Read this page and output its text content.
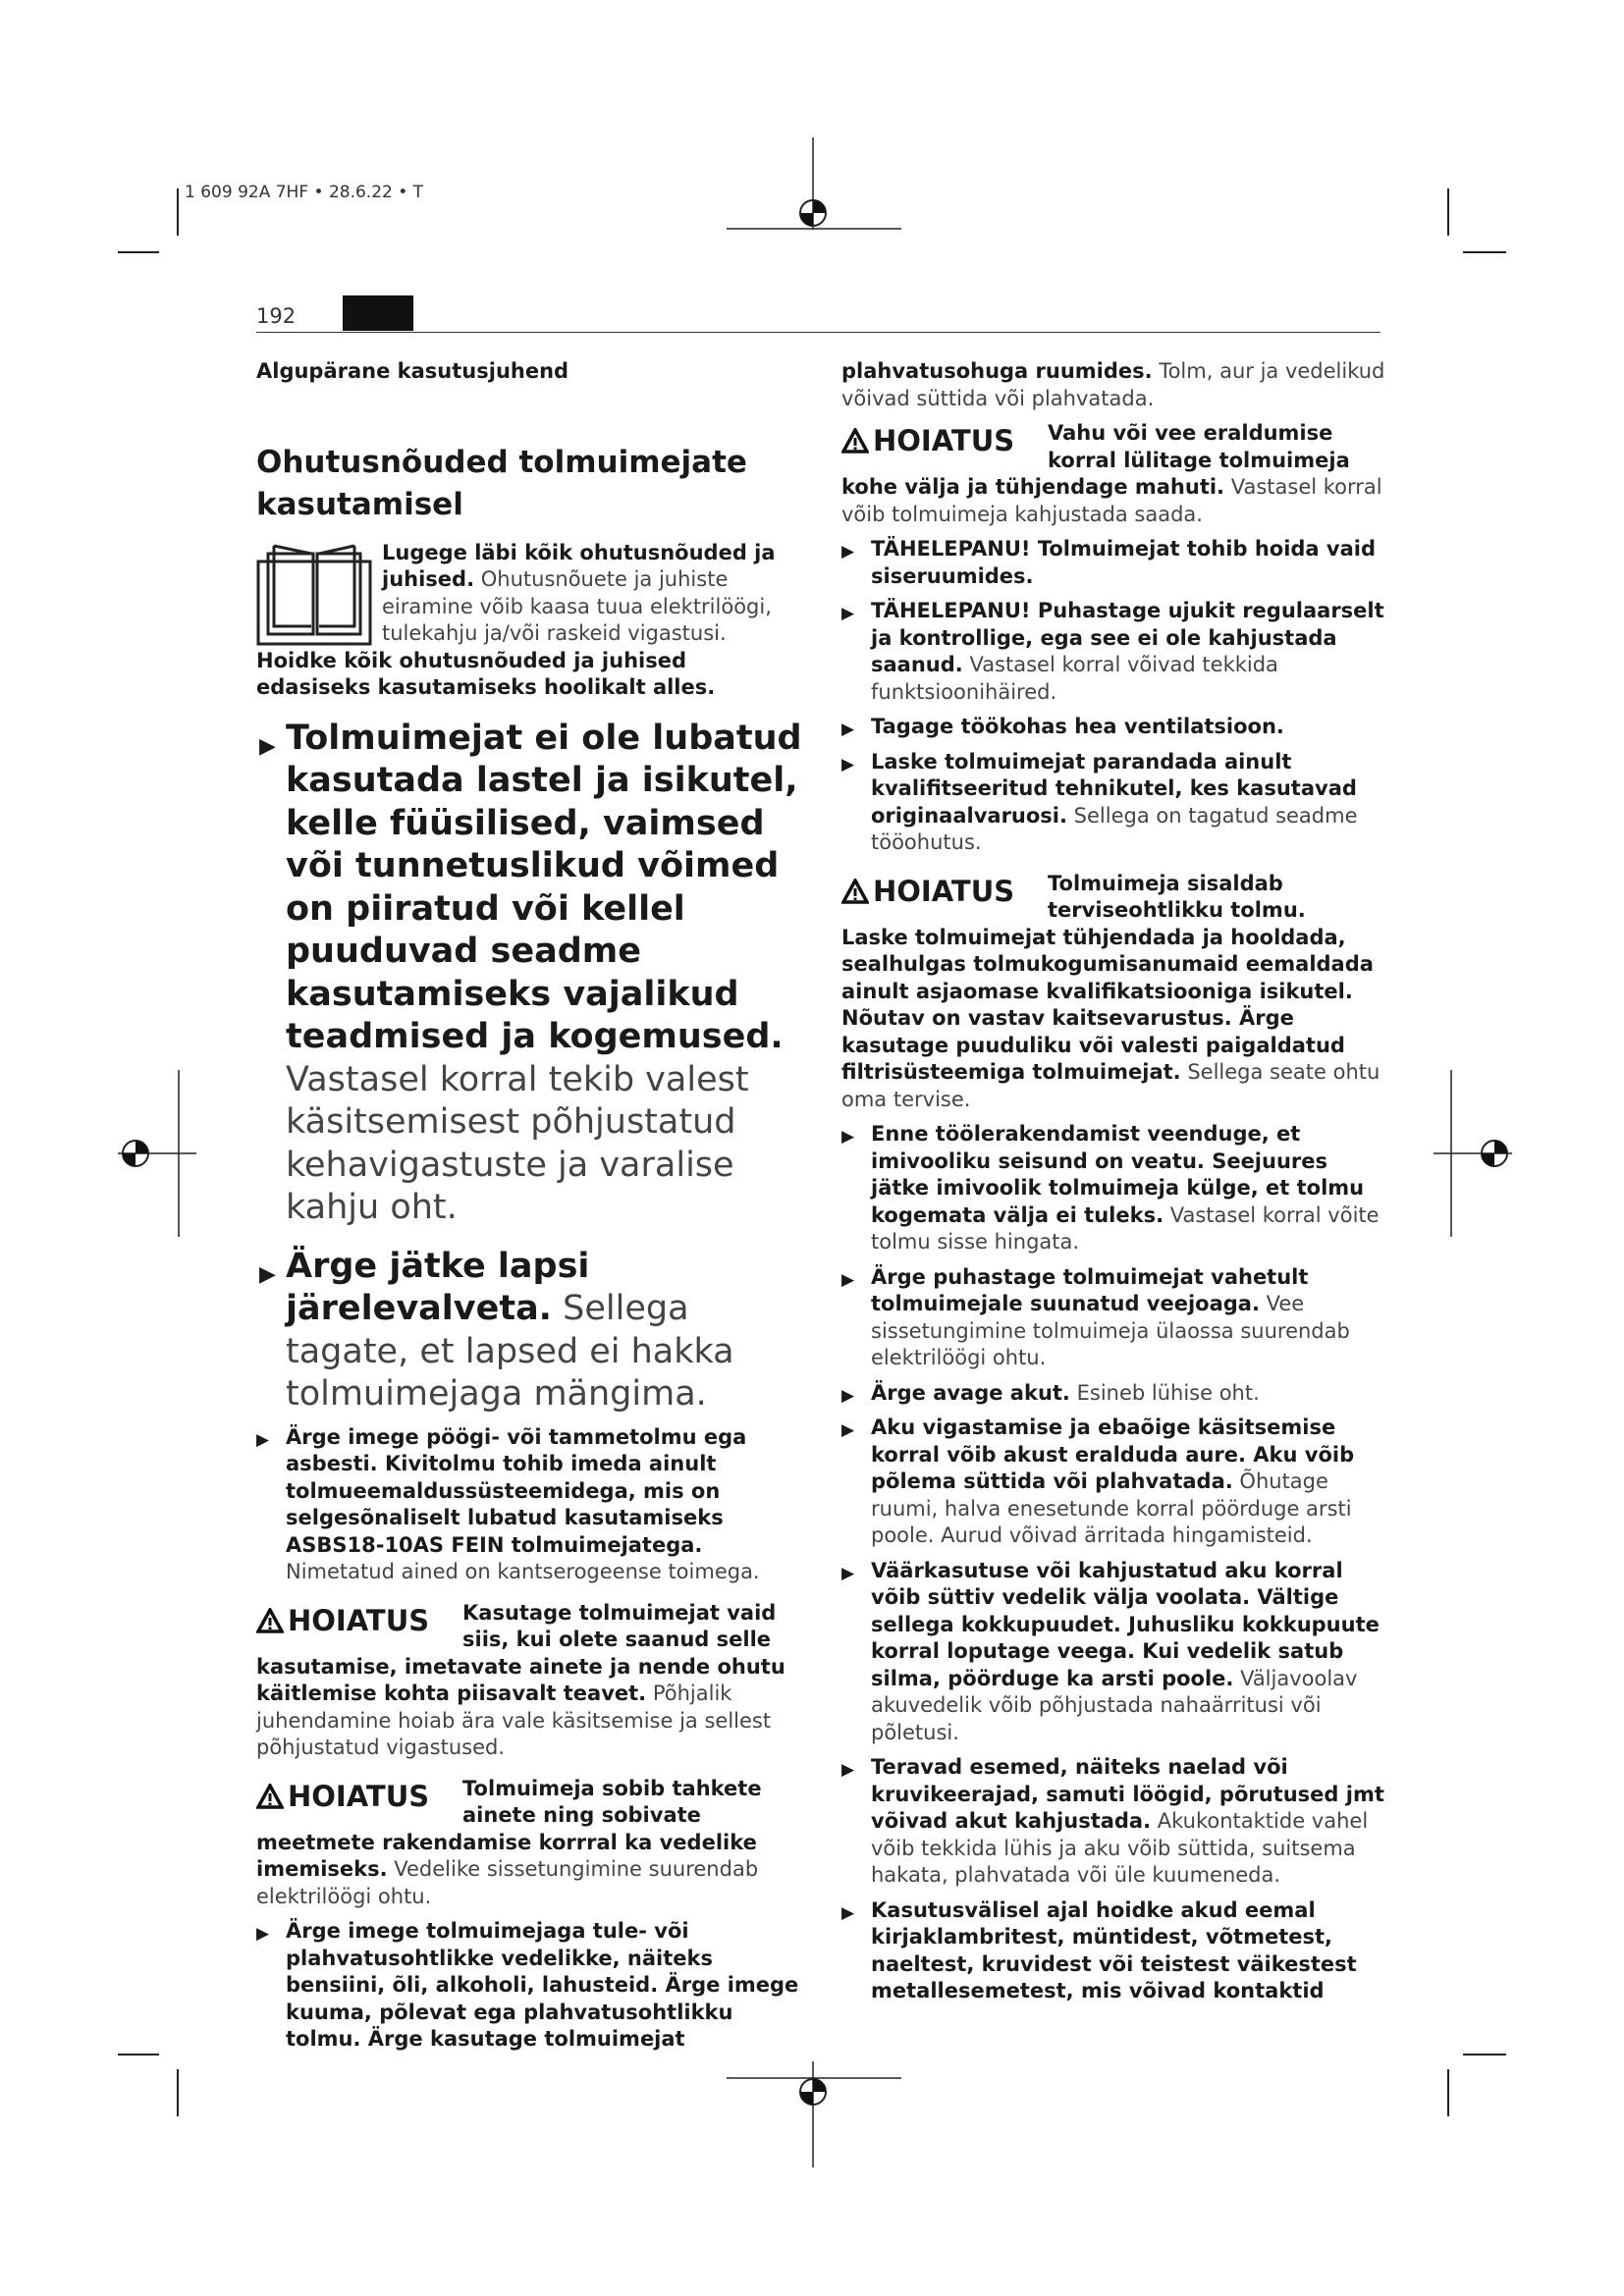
1 609 92A 7HF • 28.6.22 • T
192

Algupärane kasutusjuhend

Ohutusnõuded tolmuimejate kasutamisel

Lugege läbi kõik ohutusnõuded ja juhised. Ohutusnõuete ja juhiste eiramine võib kaasa tuua elektrilöögi, tulekahju ja/või raskeid vigastusi.

Hoidke kõik ohutusnõuded ja juhised edasiseks kasutamiseks hoolikalt alles.

▶ Tolmuimejat ei ole lubatud kasutada lastel ja isikutel, kelle füüsilised, vaimsed või tunnetuslikud võimed on piiratud või kellel puuduvad seadme kasutamiseks vajalikud teadmised ja kogemused. Vastasel korral tekib valest käsitsemisest põhjustatud kehavigastuste ja varalise kahju oht.

▶ Ärge jätke lapsi järelevalveta. Sellega tagate, et lapsed ei hakka tolmuimejaga mängima.

▶ Ärge imege pöögi- või tammetolmu ega asbesti. Kivitolmu tohib imeda ainult tolmueemaldussüsteemidega, mis on selgesõnaliselt lubatud kasutamiseks ASBS18-10AS FEIN tolmuimejatega. Nimetatud ained on kantserogeense toimega.

HOIATUS Kasutage tolmuimejat vaid siis, kui olete saanud selle

kasutamise, imetavate ainete ja nende ohutu käitlemise kohta piisavalt teavet. Põhjalik juhendamine hoiab ära vale käsitsemise ja sellest põhjustatud vigastused.

HOIATUS Tolmuimeja sobib tahkete ainete ning sobivate

meetmete rakendamise korrral ka vedelike imemiseks. Vedelike sissetungimine suurendab elektrilöögi ohtu.

▶ Ärge imege tolmuimejaga tule- või plahvatusohtlikke vedelikke, näiteks bensiini, õli, alkoholi, lahusteid. Ärge imege kuuma, põlevat ega plahvatusohtlikku tolmu. Ärge kasutage tolmuimejat

plahvatusohuga ruumides. Tolm, aur ja vedelikud võivad süttida või plahvatada.

HOIATUS Vahu või vee eraldumise korral lülitage tolmuimeja

kohe välja ja tühjendage mahuti. Vastasel korral võib tolmuimeja kahjustada saada.

▶ TÄHELEPANU! Tolmuimejat tohib hoida vaid siseruumides.

▶ TÄHELEPANU! Puhastage ujukit regulaarselt ja kontrollige, ega see ei ole kahjustada saanud. Vastasel korral võivad tekkida funktsioonihäired.

▶ Tagage töökohas hea ventilatsioon.

▶ Laske tolmuimejat parandada ainult kvalifitseeritud tehnikutel, kes kasutavad originaalvaruosi. Sellega on tagatud seadme tööohutus.

HOIATUS Tolmuimeja sisaldab terviseohtlikku tolmu.

Laske tolmuimejat tühjendada ja hooldada, sealhulgas tolmukogumisanumaid eemaldada ainult asjaomase kvalifikatsiooniga isikutel. Nõutav on vastav kaitsevarustus. Ärge kasutage puuduliku või valesti paigaldatud filtrisüsteemiga tolmuimejat. Sellega seate ohtu oma tervise.

▶ Enne töölerakendamist veenduge, et imivooliku seisund on veatu. Seejuures jätke imivoolik tolmuimeja külge, et tolmu kogemata välja ei tuleks. Vastasel korral võite tolmu sisse hingata.

▶ Ärge puhastage tolmuimejat vahetult tolmuimejale suunatud veejoaga. Vee sissetungimine tolmuimeja ülaossa suurendab elektrilöögi ohtu.

▶ Ärge avage akut. Esineb lühise oht.

▶ Aku vigastamise ja ebaõige käsitsemise korral võib akust eralduda aure. Aku võib põlema süttida või plahvatada. Õhutage ruumi, halva enesetunde korral pöörduge arsti poole. Aurud võivad ärritada hingamisteid.

▶ Väärkasutuse või kahjustatud aku korral võib süttiv vedelik välja voolata. Vältige sellega kokkupuudet. Juhusliku kokkupuute korral loputage veega. Kui vedelik satub silma, pöörduge ka arsti poole. Väljavoolav akuvedelik võib põhjustada nahaärritusi või põletusi.

▶ Teravad esemed, näiteks naelad või kruvikeerajad, samuti löögid, põrutused jmt võivad akut kahjustada. Akukontaktide vahel võib tekkida lühis ja aku võib süttida, suitsema hakata, plahvatada või üle kuumeneda.

▶ Kasutusvälisel ajal hoidke akud eemal kirjaklambritest, müntidest, võtmetest, naeltest, kruvidest või teistest väikestest metallesemetest, mis võivad kontaktid
